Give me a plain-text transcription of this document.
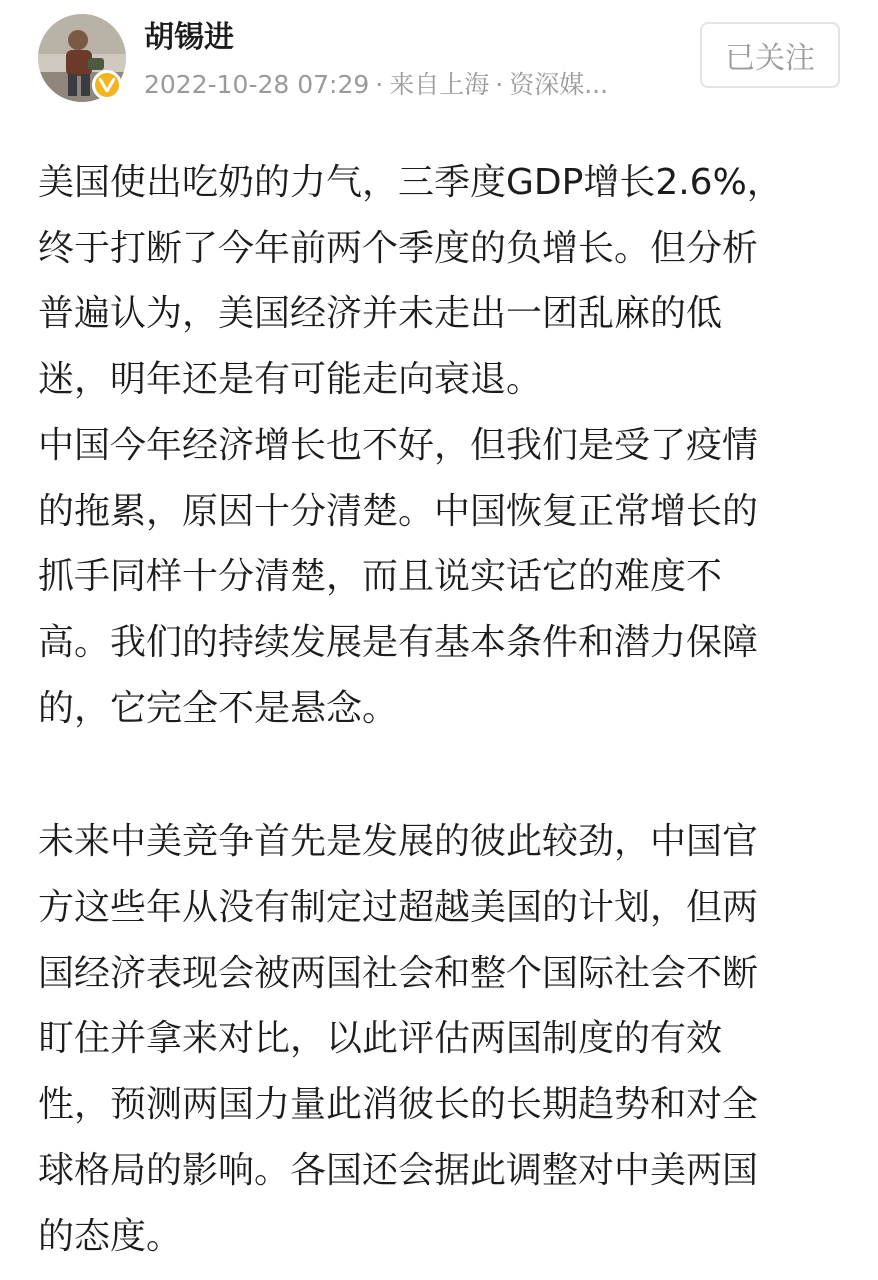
胡锡进
2022-10-28 07:29 · 来自上海 · 资深媒...
已关注

美国使出吃奶的力气，三季度GDP增长2.6%，

终于打断了今年前两个季度的负增长。但分析

普遍认为，美国经济并未走出一团乱麻的低

迷，明年还是有可能走向衰退。

中国今年经济增长也不好，但我们是受了疫情

的拖累，原因十分清楚。中国恢复正常增长的

抓手同样十分清楚，而且说实话它的难度不

高。我们的持续发展是有基本条件和潜力保障

的，它完全不是悬念。

未来中美竞争首先是发展的彼此较劲，中国官

方这些年从没有制定过超越美国的计划，但两

国经济表现会被两国社会和整个国际社会不断

盯住并拿来对比，以此评估两国制度的有效

性，预测两国力量此消彼长的长期趋势和对全

球格局的影响。各国还会据此调整对中美两国

的态度。
